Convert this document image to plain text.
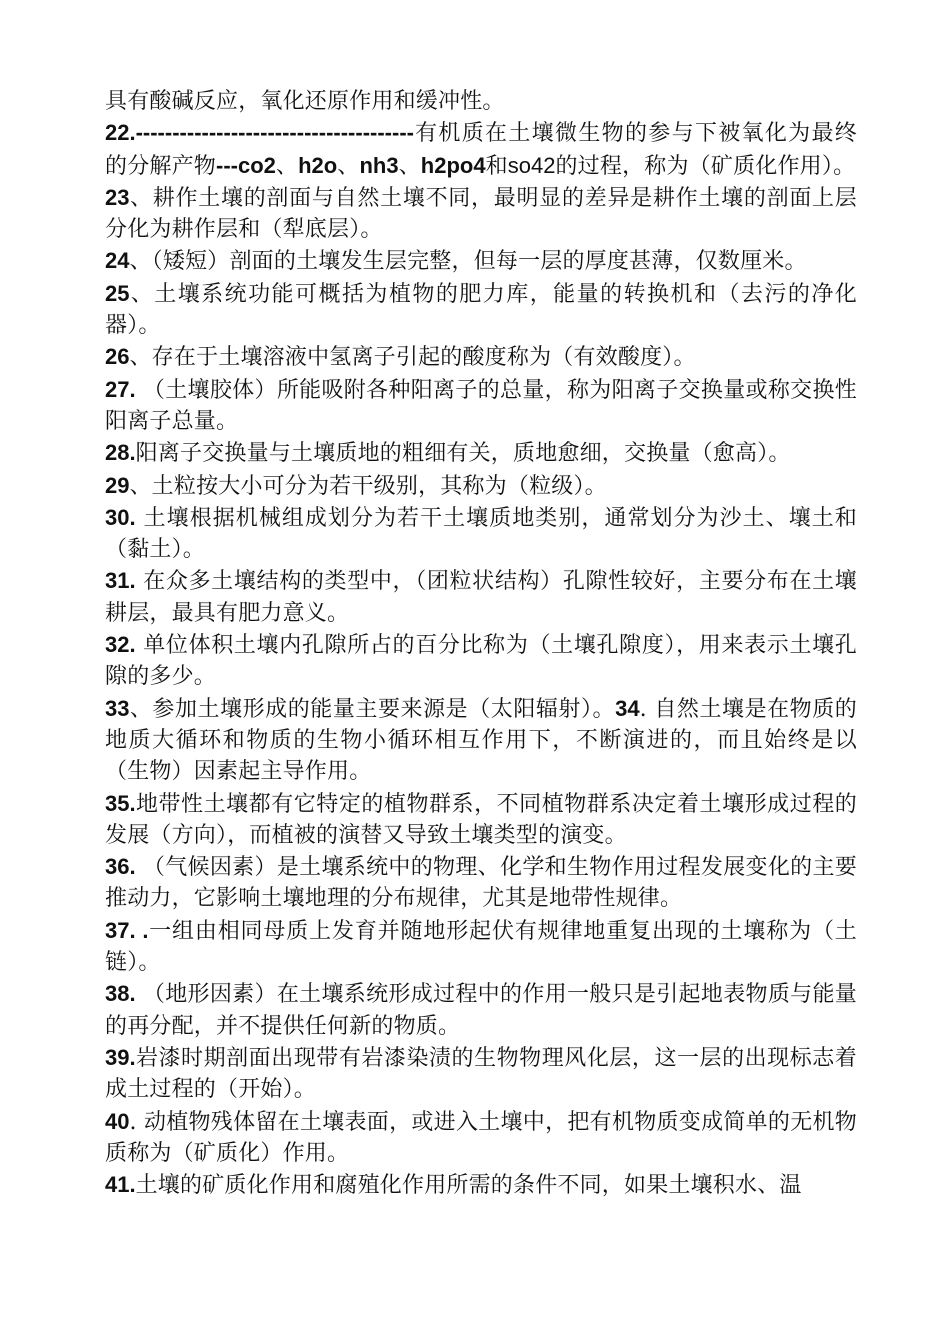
具有酸碱反应，氧化还原作用和缓冲性。
22.--------------------------------------有机质在土壤微生物的参与下被氧化为最终的分解产物---co2、h2o、nh3、h2po4和so42的过程，称为（矿质化作用）。
23、耕作土壤的剖面与自然土壤不同，最明显的差异是耕作土壤的剖面上层分化为耕作层和（犁底层）。
24、（矮短）剖面的土壤发生层完整，但每一层的厚度甚薄，仅数厘米。
25、土壤系统功能可概括为植物的肥力库，能量的转换机和（去污的净化器）。
26、存在于土壤溶液中氢离子引起的酸度称为（有效酸度）。
27. （土壤胶体）所能吸附各种阳离子的总量，称为阳离子交换量或称交换性阳离子总量。
28.阳离子交换量与土壤质地的粗细有关，质地愈细，交换量（愈高）。
29、土粒按大小可分为若干级别，其称为（粒级）。
30. 土壤根据机械组成划分为若干土壤质地类别，通常划分为沙土、壤土和（黏土）。
31. 在众多土壤结构的类型中，（团粒状结构）孔隙性较好，主要分布在土壤耕层，最具有肥力意义。
32. 单位体积土壤内孔隙所占的百分比称为（土壤孔隙度），用来表示土壤孔隙的多少。
33、参加土壤形成的能量主要来源是（太阳辐射）。34. 自然土壤是在物质的地质大循环和物质的生物小循环相互作用下，不断演进的，而且始终是以（生物）因素起主导作用。
35.地带性土壤都有它特定的植物群系，不同植物群系决定着土壤形成过程的发展（方向），而植被的演替又导致土壤类型的演变。
36. （气候因素）是土壤系统中的物理、化学和生物作用过程发展变化的主要推动力，它影响土壤地理的分布规律，尤其是地带性规律。
37. .一组由相同母质上发育并随地形起伏有规律地重复出现的土壤称为（土链）。
38. （地形因素）在土壤系统形成过程中的作用一般只是引起地表物质与能量的再分配，并不提供任何新的物质。
39.岩漆时期剖面出现带有岩漆染渍的生物物理风化层，这一层的出现标志着成土过程的（开始）。
40. 动植物残体留在土壤表面，或进入土壤中，把有机物质变成简单的无机物质称为（矿质化）作用。
41.土壤的矿质化作用和腐殖化作用所需的条件不同，如果土壤积水、温
